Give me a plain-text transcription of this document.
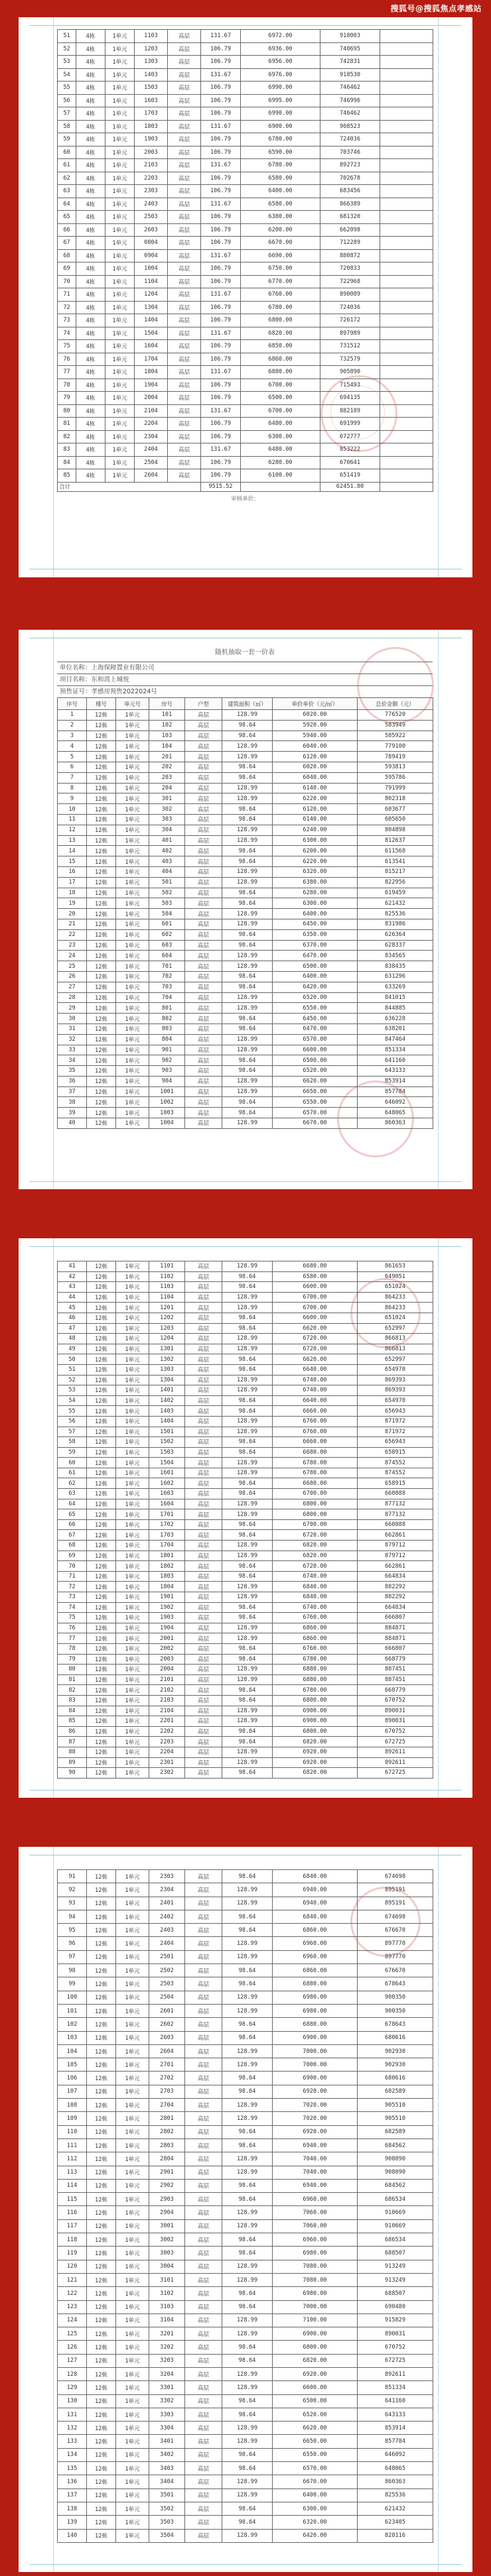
搜狐号@搜狐焦点孝感站
51	4栋	1单元	1103	高层	131.67	6972.00	918003	
52	4栋	1单元	1203	高层	106.79	6936.00	740695	
53	4栋	1单元	1303	高层	106.79	6956.00	742831	
54	4栋	1单元	1403	高层	131.67	6976.00	918530	
55	4栋	1单元	1503	高层	106.79	6990.00	746462	
56	4栋	1单元	1603	高层	106.79	6995.00	746996	
57	4栋	1单元	1703	高层	106.79	6990.00	746462	
58	4栋	1单元	1803	高层	131.67	6900.00	908523	
59	4栋	1单元	1903	高层	106.79	6780.00	724036	
60	4栋	1单元	2003	高层	106.79	6590.00	703746	
61	4栋	1单元	2103	高层	131.67	6780.00	892723	
62	4栋	1单元	2203	高层	106.79	6580.00	702678	
63	4栋	1单元	2303	高层	106.79	6400.00	683456	
64	4栋	1单元	2403	高层	131.67	6580.00	866389	
65	4栋	1单元	2503	高层	106.79	6380.00	681320	
66	4栋	1单元	2603	高层	106.79	6200.00	662098	
67	4栋	1单元	0804	高层	106.79	6670.00	712289	
68	4栋	1单元	0904	高层	131.67	6690.00	880872	
69	4栋	1单元	1004	高层	106.79	6750.00	720833	
70	4栋	1单元	1104	高层	106.79	6770.00	722968	
71	4栋	1单元	1204	高层	131.67	6760.00	890089	
72	4栋	1单元	1304	高层	106.79	6780.00	724036	
73	4栋	1单元	1404	高层	106.79	6800.00	726172	
74	4栋	1单元	1504	高层	131.67	6820.00	897989	
75	4栋	1单元	1604	高层	106.79	6850.00	731512	
76	4栋	1单元	1704	高层	106.79	6860.00	732579	
77	4栋	1单元	1804	高层	131.67	6880.00	905890	
78	4栋	1单元	1904	高层	106.79	6700.00	715493	
79	4栋	1单元	2004	高层	106.79	6500.00	694135	
80	4栋	1单元	2104	高层	131.67	6700.00	882189	
81	4栋	1单元	2204	高层	106.79	6480.00	691999	
82	4栋	1单元	2304	高层	106.79	6300.00	672777	
83	4栋	1单元	2404	高层	131.67	6480.00	853222	
84	4栋	1单元	2504	高层	106.79	6280.00	670641	
85	4栋	1单元	2604	高层	106.79	6100.00	651419	
合计					9515.52		62451.80	
审核单价：
随机抽取一套一价表
单位名称：上海保障置业有限公司
项目名称：东和湾上城悦
预售证号：孝感房预售2022024号
序号	楼号	单元号	房号	户型	建筑面积（㎡）	单价单价（元/㎡）	总价金额（元）
1	12栋	1单元	101	高层	128.99	6020.00	776520
2	12栋	1单元	102	高层	98.64	5920.00	583949
3	12栋	1单元	103	高层	98.64	5940.00	585922
4	12栋	1单元	104	高层	128.99	6040.00	779100
5	12栋	1单元	201	高层	128.99	6120.00	789419
6	12栋	1单元	202	高层	98.64	6020.00	593813
7	12栋	1单元	203	高层	98.64	6040.00	595786
8	12栋	1单元	204	高层	128.99	6140.00	791999
9	12栋	1单元	301	高层	128.99	6220.00	802318
10	12栋	1单元	302	高层	98.64	6120.00	603677
11	12栋	1单元	303	高层	98.64	6140.00	605650
12	12栋	1单元	304	高层	128.99	6240.00	804898
13	12栋	1单元	401	高层	128.99	6300.00	812637
14	12栋	1单元	402	高层	98.64	6200.00	611568
15	12栋	1单元	403	高层	98.64	6220.00	613541
16	12栋	1单元	404	高层	128.99	6320.00	815217
17	12栋	1单元	501	高层	128.99	6380.00	822956
18	12栋	1单元	502	高层	98.64	6280.00	619459
19	12栋	1单元	503	高层	98.64	6300.00	621432
20	12栋	1单元	504	高层	128.99	6400.00	825536
21	12栋	1单元	601	高层	128.99	6450.00	831986
22	12栋	1单元	602	高层	98.64	6350.00	626364
23	12栋	1单元	603	高层	98.64	6370.00	628337
24	12栋	1单元	604	高层	128.99	6470.00	834565
25	12栋	1单元	701	高层	128.99	6500.00	838435
26	12栋	1单元	702	高层	98.64	6400.00	631296
27	12栋	1单元	703	高层	98.64	6420.00	633269
28	12栋	1单元	704	高层	128.99	6520.00	841015
29	12栋	1单元	801	高层	128.99	6550.00	844885
30	12栋	1单元	802	高层	98.64	6450.00	636228
31	12栋	1单元	803	高层	98.64	6470.00	638201
32	12栋	1单元	804	高层	128.99	6570.00	847464
33	12栋	1单元	901	高层	128.99	6600.00	851334
34	12栋	1单元	902	高层	98.64	6500.00	641160
35	12栋	1单元	903	高层	98.64	6520.00	643133
36	12栋	1单元	904	高层	128.99	6620.00	853914
37	12栋	1单元	1001	高层	128.99	6650.00	857784
38	12栋	1单元	1002	高层	98.64	6550.00	646092
39	12栋	1单元	1003	高层	98.64	6570.00	648065
40	12栋	1单元	1004	高层	128.99	6670.00	860363
41	12栋	1单元	1101	高层	128.99	6680.00	861653
42	12栋	1单元	1102	高层	98.64	6580.00	649051
43	12栋	1单元	1103	高层	98.64	6600.00	651024
44	12栋	1单元	1104	高层	128.99	6700.00	864233
45	12栋	1单元	1201	高层	128.99	6700.00	864233
46	12栋	1单元	1202	高层	98.64	6600.00	651024
47	12栋	1单元	1203	高层	98.64	6620.00	652997
48	12栋	1单元	1204	高层	128.99	6720.00	866813
49	12栋	1单元	1301	高层	128.99	6720.00	866813
50	12栋	1单元	1302	高层	98.64	6620.00	652997
51	12栋	1单元	1303	高层	98.64	6640.00	654970
52	12栋	1单元	1304	高层	128.99	6740.00	869393
53	12栋	1单元	1401	高层	128.99	6740.00	869393
54	12栋	1单元	1402	高层	98.64	6640.00	654970
55	12栋	1单元	1403	高层	98.64	6660.00	656943
56	12栋	1单元	1404	高层	128.99	6760.00	871972
57	12栋	1单元	1501	高层	128.99	6760.00	871972
58	12栋	1单元	1502	高层	98.64	6660.00	656943
59	12栋	1单元	1503	高层	98.64	6680.00	658915
60	12栋	1单元	1504	高层	128.99	6780.00	874552
61	12栋	1单元	1601	高层	128.99	6780.00	874552
62	12栋	1单元	1602	高层	98.64	6680.00	658915
63	12栋	1单元	1603	高层	98.64	6700.00	660888
64	12栋	1单元	1604	高层	128.99	6800.00	877132
65	12栋	1单元	1701	高层	128.99	6800.00	877132
66	12栋	1单元	1702	高层	98.64	6700.00	660888
67	12栋	1单元	1703	高层	98.64	6720.00	662861
68	12栋	1单元	1704	高层	128.99	6820.00	879712
69	12栋	1单元	1801	高层	128.99	6820.00	879712
70	12栋	1单元	1802	高层	98.64	6720.00	662861
71	12栋	1单元	1803	高层	98.64	6740.00	664834
72	12栋	1单元	1804	高层	128.99	6840.00	882292
73	12栋	1单元	1901	高层	128.99	6840.00	882292
74	12栋	1单元	1902	高层	98.64	6740.00	664834
75	12栋	1单元	1903	高层	98.64	6760.00	666807
76	12栋	1单元	1904	高层	128.99	6860.00	884871
77	12栋	1单元	2001	高层	128.99	6860.00	884871
78	12栋	1单元	2002	高层	98.64	6760.00	666807
79	12栋	1单元	2003	高层	98.64	6780.00	668779
80	12栋	1单元	2004	高层	128.99	6880.00	887451
81	12栋	1单元	2101	高层	128.99	6880.00	887451
82	12栋	1单元	2102	高层	98.64	6780.00	668779
83	12栋	1单元	2103	高层	98.64	6800.00	670752
84	12栋	1单元	2104	高层	128.99	6900.00	890031
85	12栋	1单元	2201	高层	128.99	6900.00	890031
86	12栋	1单元	2202	高层	98.64	6800.00	670752
87	12栋	1单元	2203	高层	98.64	6820.00	672725
88	12栋	1单元	2204	高层	128.99	6920.00	892611
89	12栋	1单元	2301	高层	128.99	6920.00	892611
90	12栋	1单元	2302	高层	98.64	6820.00	672725
91	12栋	1单元	2303	高层	98.64	6840.00	674698
92	12栋	1单元	2304	高层	128.99	6940.00	895191
93	12栋	1单元	2401	高层	128.99	6940.00	895191
94	12栋	1单元	2402	高层	98.64	6840.00	674698
95	12栋	1单元	2403	高层	98.64	6860.00	676670
96	12栋	1单元	2404	高层	128.99	6960.00	897770
97	12栋	1单元	2501	高层	128.99	6960.00	897770
98	12栋	1单元	2502	高层	98.64	6860.00	676670
99	12栋	1单元	2503	高层	98.64	6880.00	678643
100	12栋	1单元	2504	高层	128.99	6980.00	900350
101	12栋	1单元	2601	高层	128.99	6980.00	900350
102	12栋	1单元	2602	高层	98.64	6880.00	678643
103	12栋	1单元	2603	高层	98.64	6900.00	680616
104	12栋	1单元	2604	高层	128.99	7000.00	902930
105	12栋	1单元	2701	高层	128.99	7000.00	902930
106	12栋	1单元	2702	高层	98.64	6900.00	680616
107	12栋	1单元	2703	高层	98.64	6920.00	682589
108	12栋	1单元	2704	高层	128.99	7020.00	905510
109	12栋	1单元	2801	高层	128.99	7020.00	905510
110	12栋	1单元	2802	高层	98.64	6920.00	682589
111	12栋	1单元	2803	高层	98.64	6940.00	684562
112	12栋	1单元	2804	高层	128.99	7040.00	908090
113	12栋	1单元	2901	高层	128.99	7040.00	908090
114	12栋	1单元	2902	高层	98.64	6940.00	684562
115	12栋	1单元	2903	高层	98.64	6960.00	686534
116	12栋	1单元	2904	高层	128.99	7060.00	910669
117	12栋	1单元	3001	高层	128.99	7060.00	910669
118	12栋	1单元	3002	高层	98.64	6960.00	686534
119	12栋	1单元	3003	高层	98.64	6980.00	688507
120	12栋	1单元	3004	高层	128.99	7080.00	913249
121	12栋	1单元	3101	高层	128.99	7080.00	913249
122	12栋	1单元	3102	高层	98.64	6980.00	688507
123	12栋	1单元	3103	高层	98.64	7000.00	690480
124	12栋	1单元	3104	高层	128.99	7100.00	915829
125	12栋	1单元	3201	高层	128.99	6900.00	890031
126	12栋	1单元	3202	高层	98.64	6800.00	670752
127	12栋	1单元	3203	高层	98.64	6820.00	672725
128	12栋	1单元	3204	高层	128.99	6920.00	892611
129	12栋	1单元	3301	高层	128.99	6600.00	851334
130	12栋	1单元	3302	高层	98.64	6500.00	641160
131	12栋	1单元	3303	高层	98.64	6520.00	643133
132	12栋	1单元	3304	高层	128.99	6620.00	853914
133	12栋	1单元	3401	高层	128.99	6650.00	857784
134	12栋	1单元	3402	高层	98.64	6550.00	646092
135	12栋	1单元	3403	高层	98.64	6570.00	648065
136	12栋	1单元	3404	高层	128.99	6670.00	860363
137	12栋	1单元	3501	高层	128.99	6400.00	825536
138	12栋	1单元	3502	高层	98.64	6300.00	621432
139	12栋	1单元	3503	高层	98.64	6320.00	623405
140	12栋	1单元	3504	高层	128.99	6420.00	828116
